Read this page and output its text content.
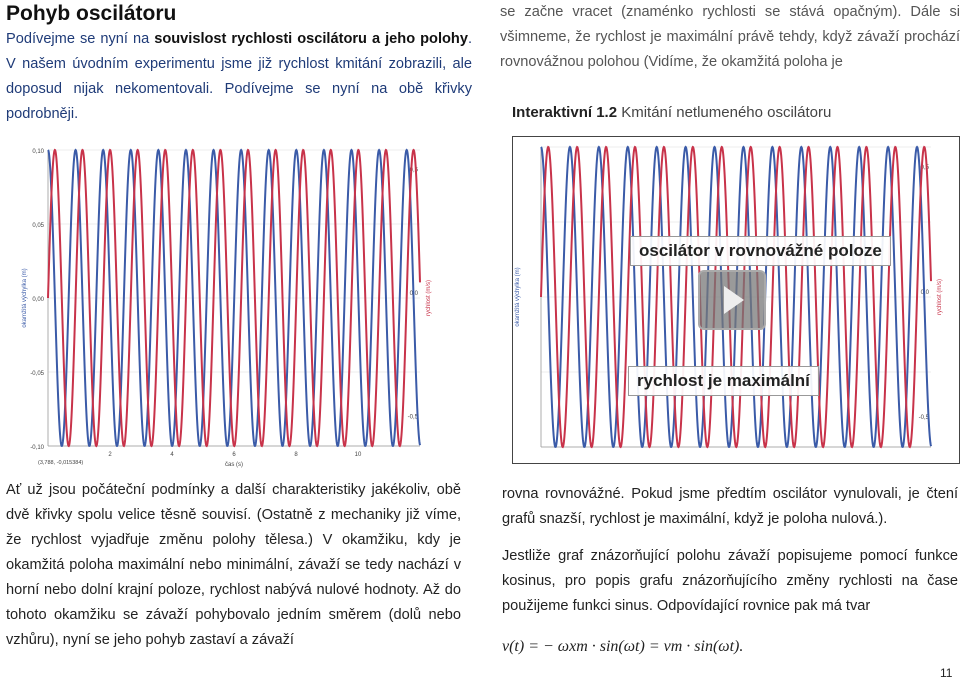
Pohyb oscilátoru
Podívejme se nyní na souvislost rychlosti oscilátoru a jeho polohy. V našem úvodním experimentu jsme již rychlost kmitání zobrazili, ale doposud nijak nekomentovali. Podívejme se nyní na obě křivky podrobněji.
se začne vracet (znaménko rychlosti se stává opačným). Dále si všimneme, že rychlost je maximální právě tehdy, když závaží prochází rovnovážnou polohou (Vidíme, že okamžitá poloha je
Interaktivní 1.2 Kmitání netlumeného oscilátoru
0,10
0,05
0,00
-0,05
-0,10
0,5
0,0
-0,5
okamžitá výchylka (m)	rychlost (m/s)
2	4	6	8	10
čas (s)
(3,788, -0,015384)
0,5
0,0
-0,5
okamžitá výchylka (m)	rychlost (m/s)
oscilátor v rovnovážné poloze
rychlost je maximální
Ať už jsou počáteční podmínky a další charakteristiky jakékoliv, obě dvě křivky spolu velice těsně souvisí. (Ostatně z mechaniky již víme, že rychlost vyjadřuje změnu polohy tělesa.) V okamžiku, kdy je okamžitá poloha maximální nebo minimální, závaží se tedy nachází v horní nebo dolní krajní poloze, rychlost nabývá nulové hodnoty. Až do tohoto okamžiku se závaží pohybovalo jedním směrem (dolů nebo vzhůru), nyní se jeho pohyb zastaví a závaží
rovna rovnovážné. Pokud jsme předtím oscilátor vynulovali, je čtení grafů snazší, rychlost je maximální, když je poloha nulová.).
Jestliže graf znázorňující polohu závaží popisujeme pomocí funkce kosinus, pro popis grafu znázorňujícího změny rychlosti na čase použijeme funkci sinus. Odpovídající rovnice pak má tvar
v(t) = − ωxm · sin(ωt) = vm · sin(ωt).
11
